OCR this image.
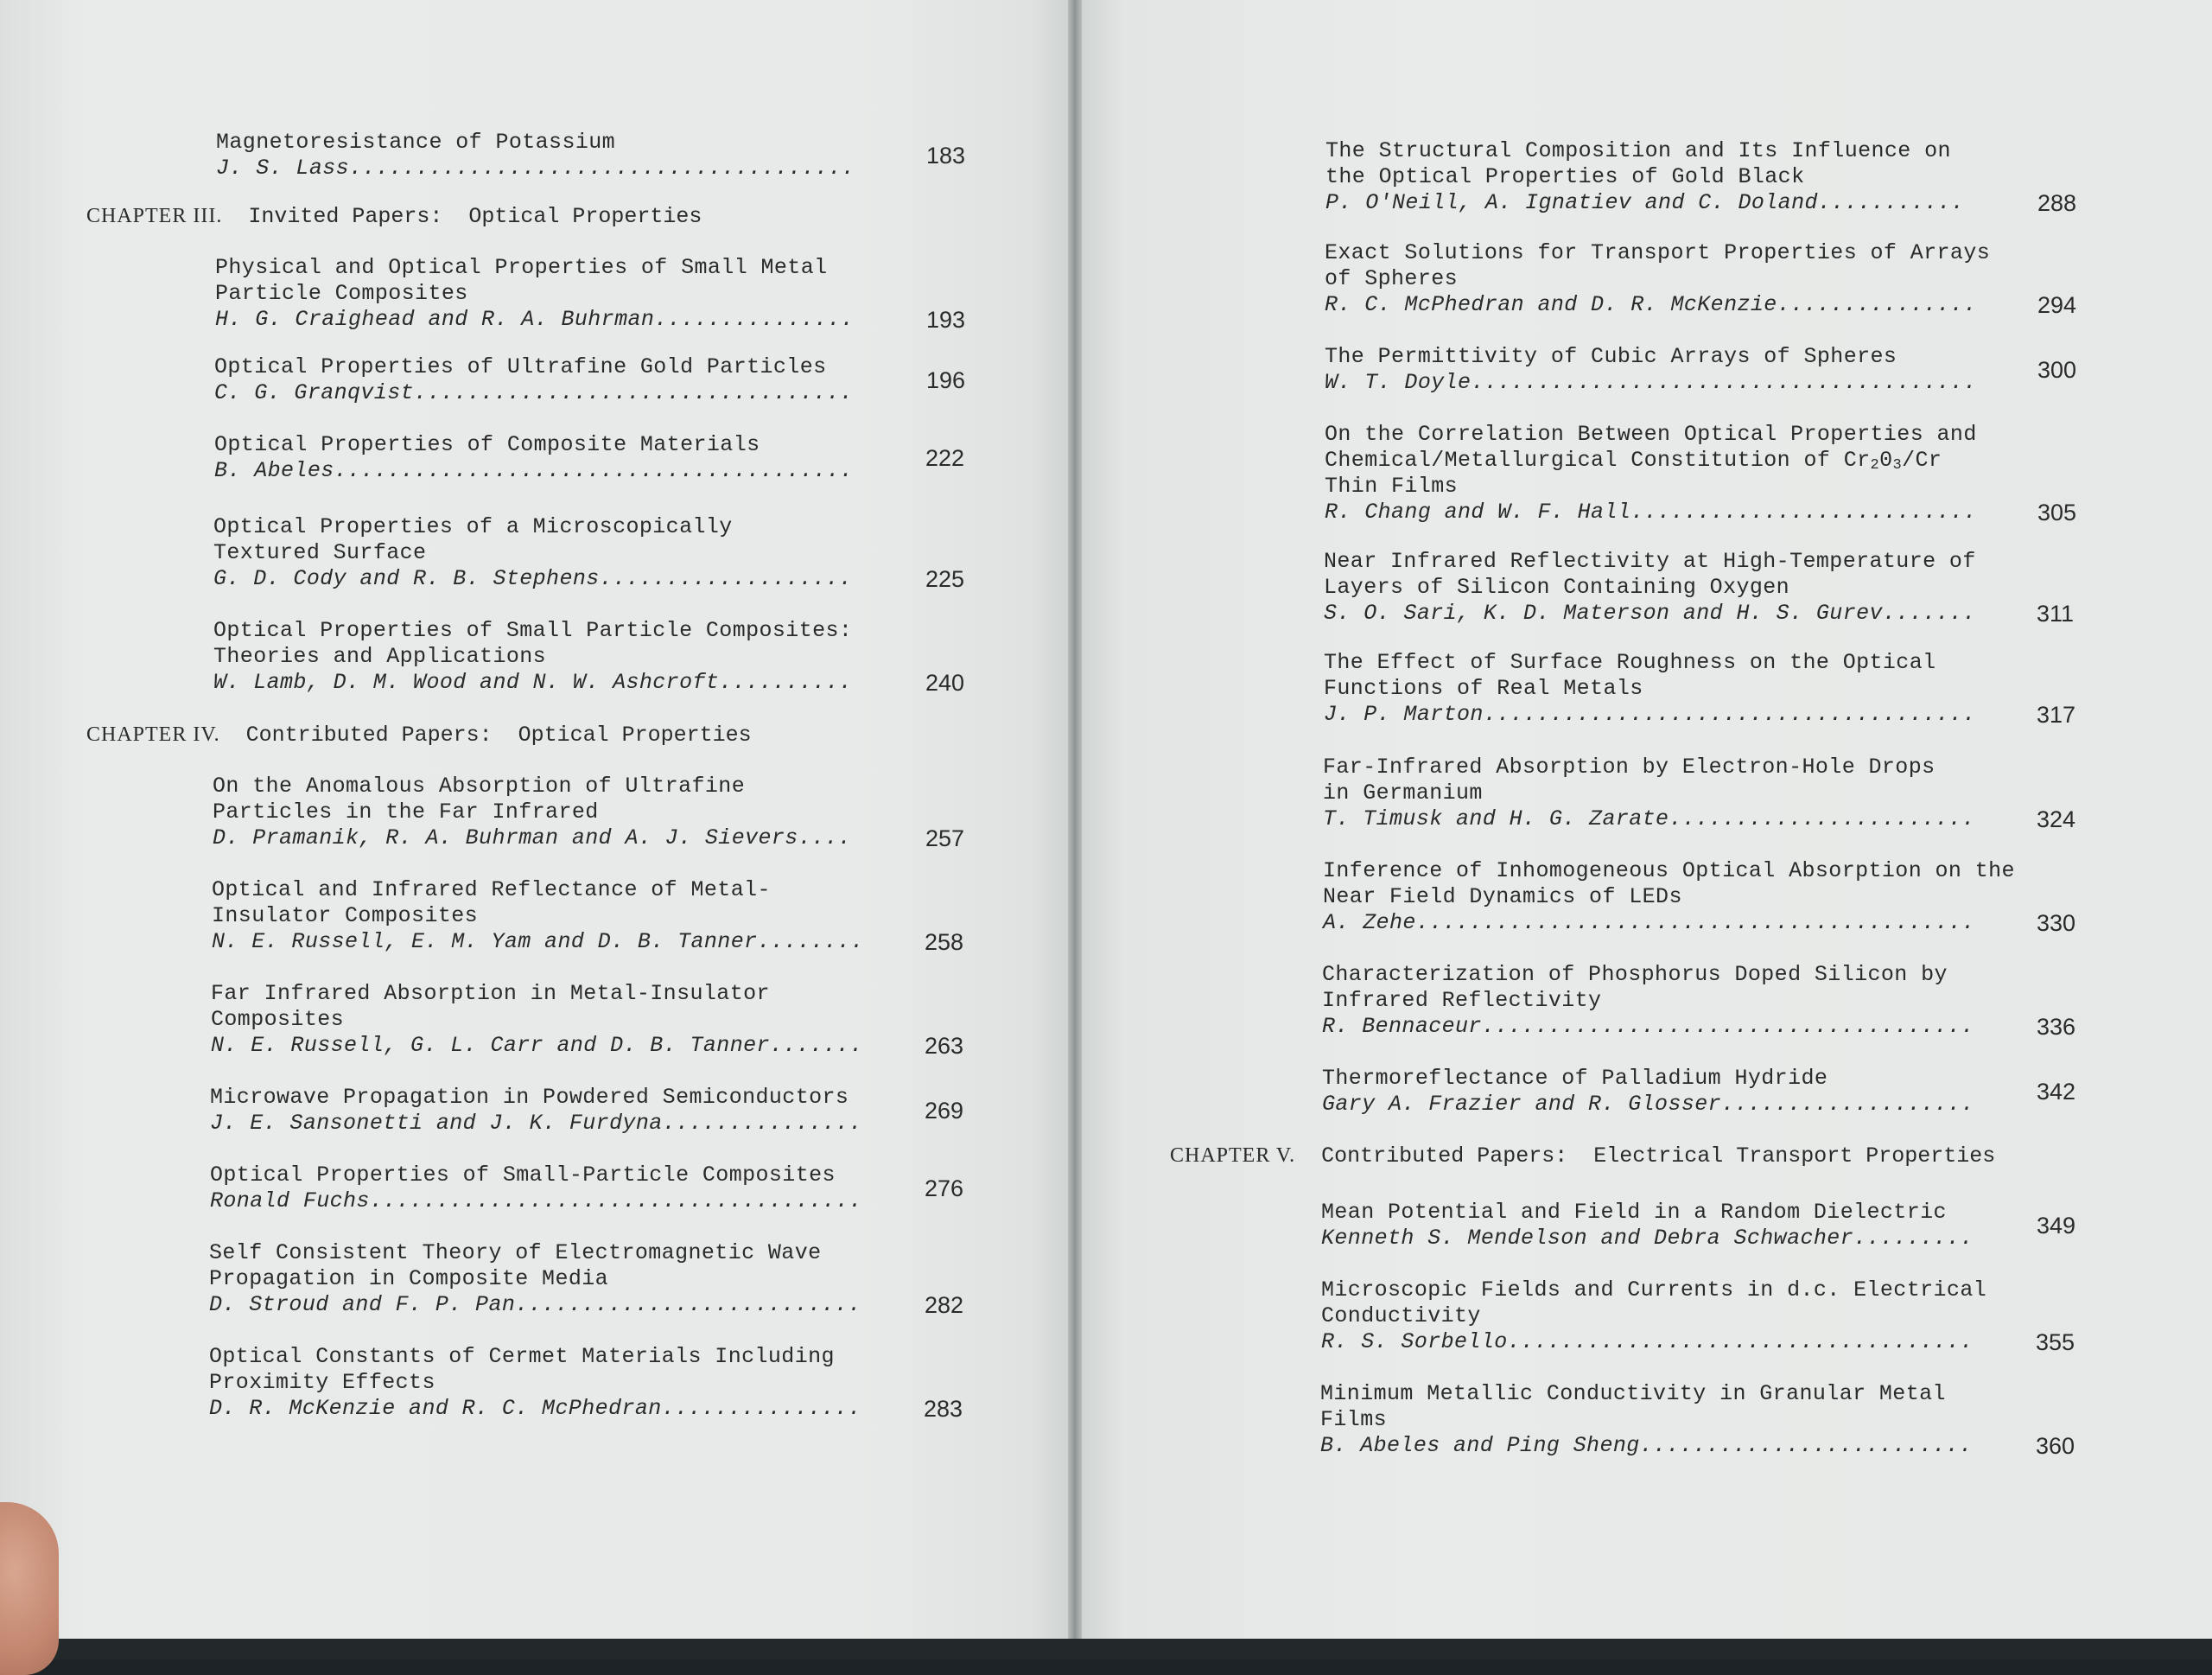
Magnetoresistance of Potassium
J. S. Lass......................................	183
CHAPTER III. Invited Papers:  Optical Properties
Physical and Optical Properties of Small Metal
Particle Composites
H. G. Craighead and R. A. Buhrman...............	193
Optical Properties of Ultrafine Gold Particles
C. G. Granqvist.................................	196
Optical Properties of Composite Materials
B. Abeles.......................................	222
Optical Properties of a Microscopically
Textured Surface
G. D. Cody and R. B. Stephens...................	225
Optical Properties of Small Particle Composites:
Theories and Applications
W. Lamb, D. M. Wood and N. W. Ashcroft..........	240
CHAPTER IV. Contributed Papers:  Optical Properties
On the Anomalous Absorption of Ultrafine
Particles in the Far Infrared
D. Pramanik, R. A. Buhrman and A. J. Sievers....	257
Optical and Infrared Reflectance of Metal-
Insulator Composites
N. E. Russell, E. M. Yam and D. B. Tanner........	258
Far Infrared Absorption in Metal-Insulator
Composites
N. E. Russell, G. L. Carr and D. B. Tanner.......	263
Microwave Propagation in Powdered Semiconductors
J. E. Sansonetti and J. K. Furdyna...............	269
Optical Properties of Small-Particle Composites
Ronald Fuchs.....................................	276
Self Consistent Theory of Electromagnetic Wave
Propagation in Composite Media
D. Stroud and F. P. Pan..........................	282
Optical Constants of Cermet Materials Including
Proximity Effects
D. R. McKenzie and R. C. McPhedran...............	283
The Structural Composition and Its Influence on
the Optical Properties of Gold Black
P. O'Neill, A. Ignatiev and C. Doland...........	288
Exact Solutions for Transport Properties of Arrays
of Spheres
R. C. McPhedran and D. R. McKenzie...............	294
The Permittivity of Cubic Arrays of Spheres
W. T. Doyle......................................	300
On the Correlation Between Optical Properties and
Chemical/Metallurgical Constitution of $Cr_20_3/Cr$
Thin Films
R. Chang and W. F. Hall..........................	305
Near Infrared Reflectivity at High-Temperature of
Layers of Silicon Containing Oxygen
S. O. Sari, K. D. Materson and H. S. Gurev.......	311
The Effect of Surface Roughness on the Optical
Functions of Real Metals
J. P. Marton.....................................	317
Far-Infrared Absorption by Electron-Hole Drops
in Germanium
T. Timusk and H. G. Zarate.......................	324
Inference of Inhomogeneous Optical Absorption on the
Near Field Dynamics of LEDs
A. Zehe..........................................	330
Characterization of Phosphorus Doped Silicon by
Infrared Reflectivity
R. Bennaceur.....................................	336
Thermoreflectance of Palladium Hydride
Gary A. Frazier and R. Glosser...................	342
CHAPTER V. Contributed Papers:  Electrical Transport Properties
Mean Potential and Field in a Random Dielectric
Kenneth S. Mendelson and Debra Schwacher.........	349
Microscopic Fields and Currents in d.c. Electrical
Conductivity
R. S. Sorbello...................................	355
Minimum Metallic Conductivity in Granular Metal
Films
B. Abeles and Ping Sheng.........................	360
